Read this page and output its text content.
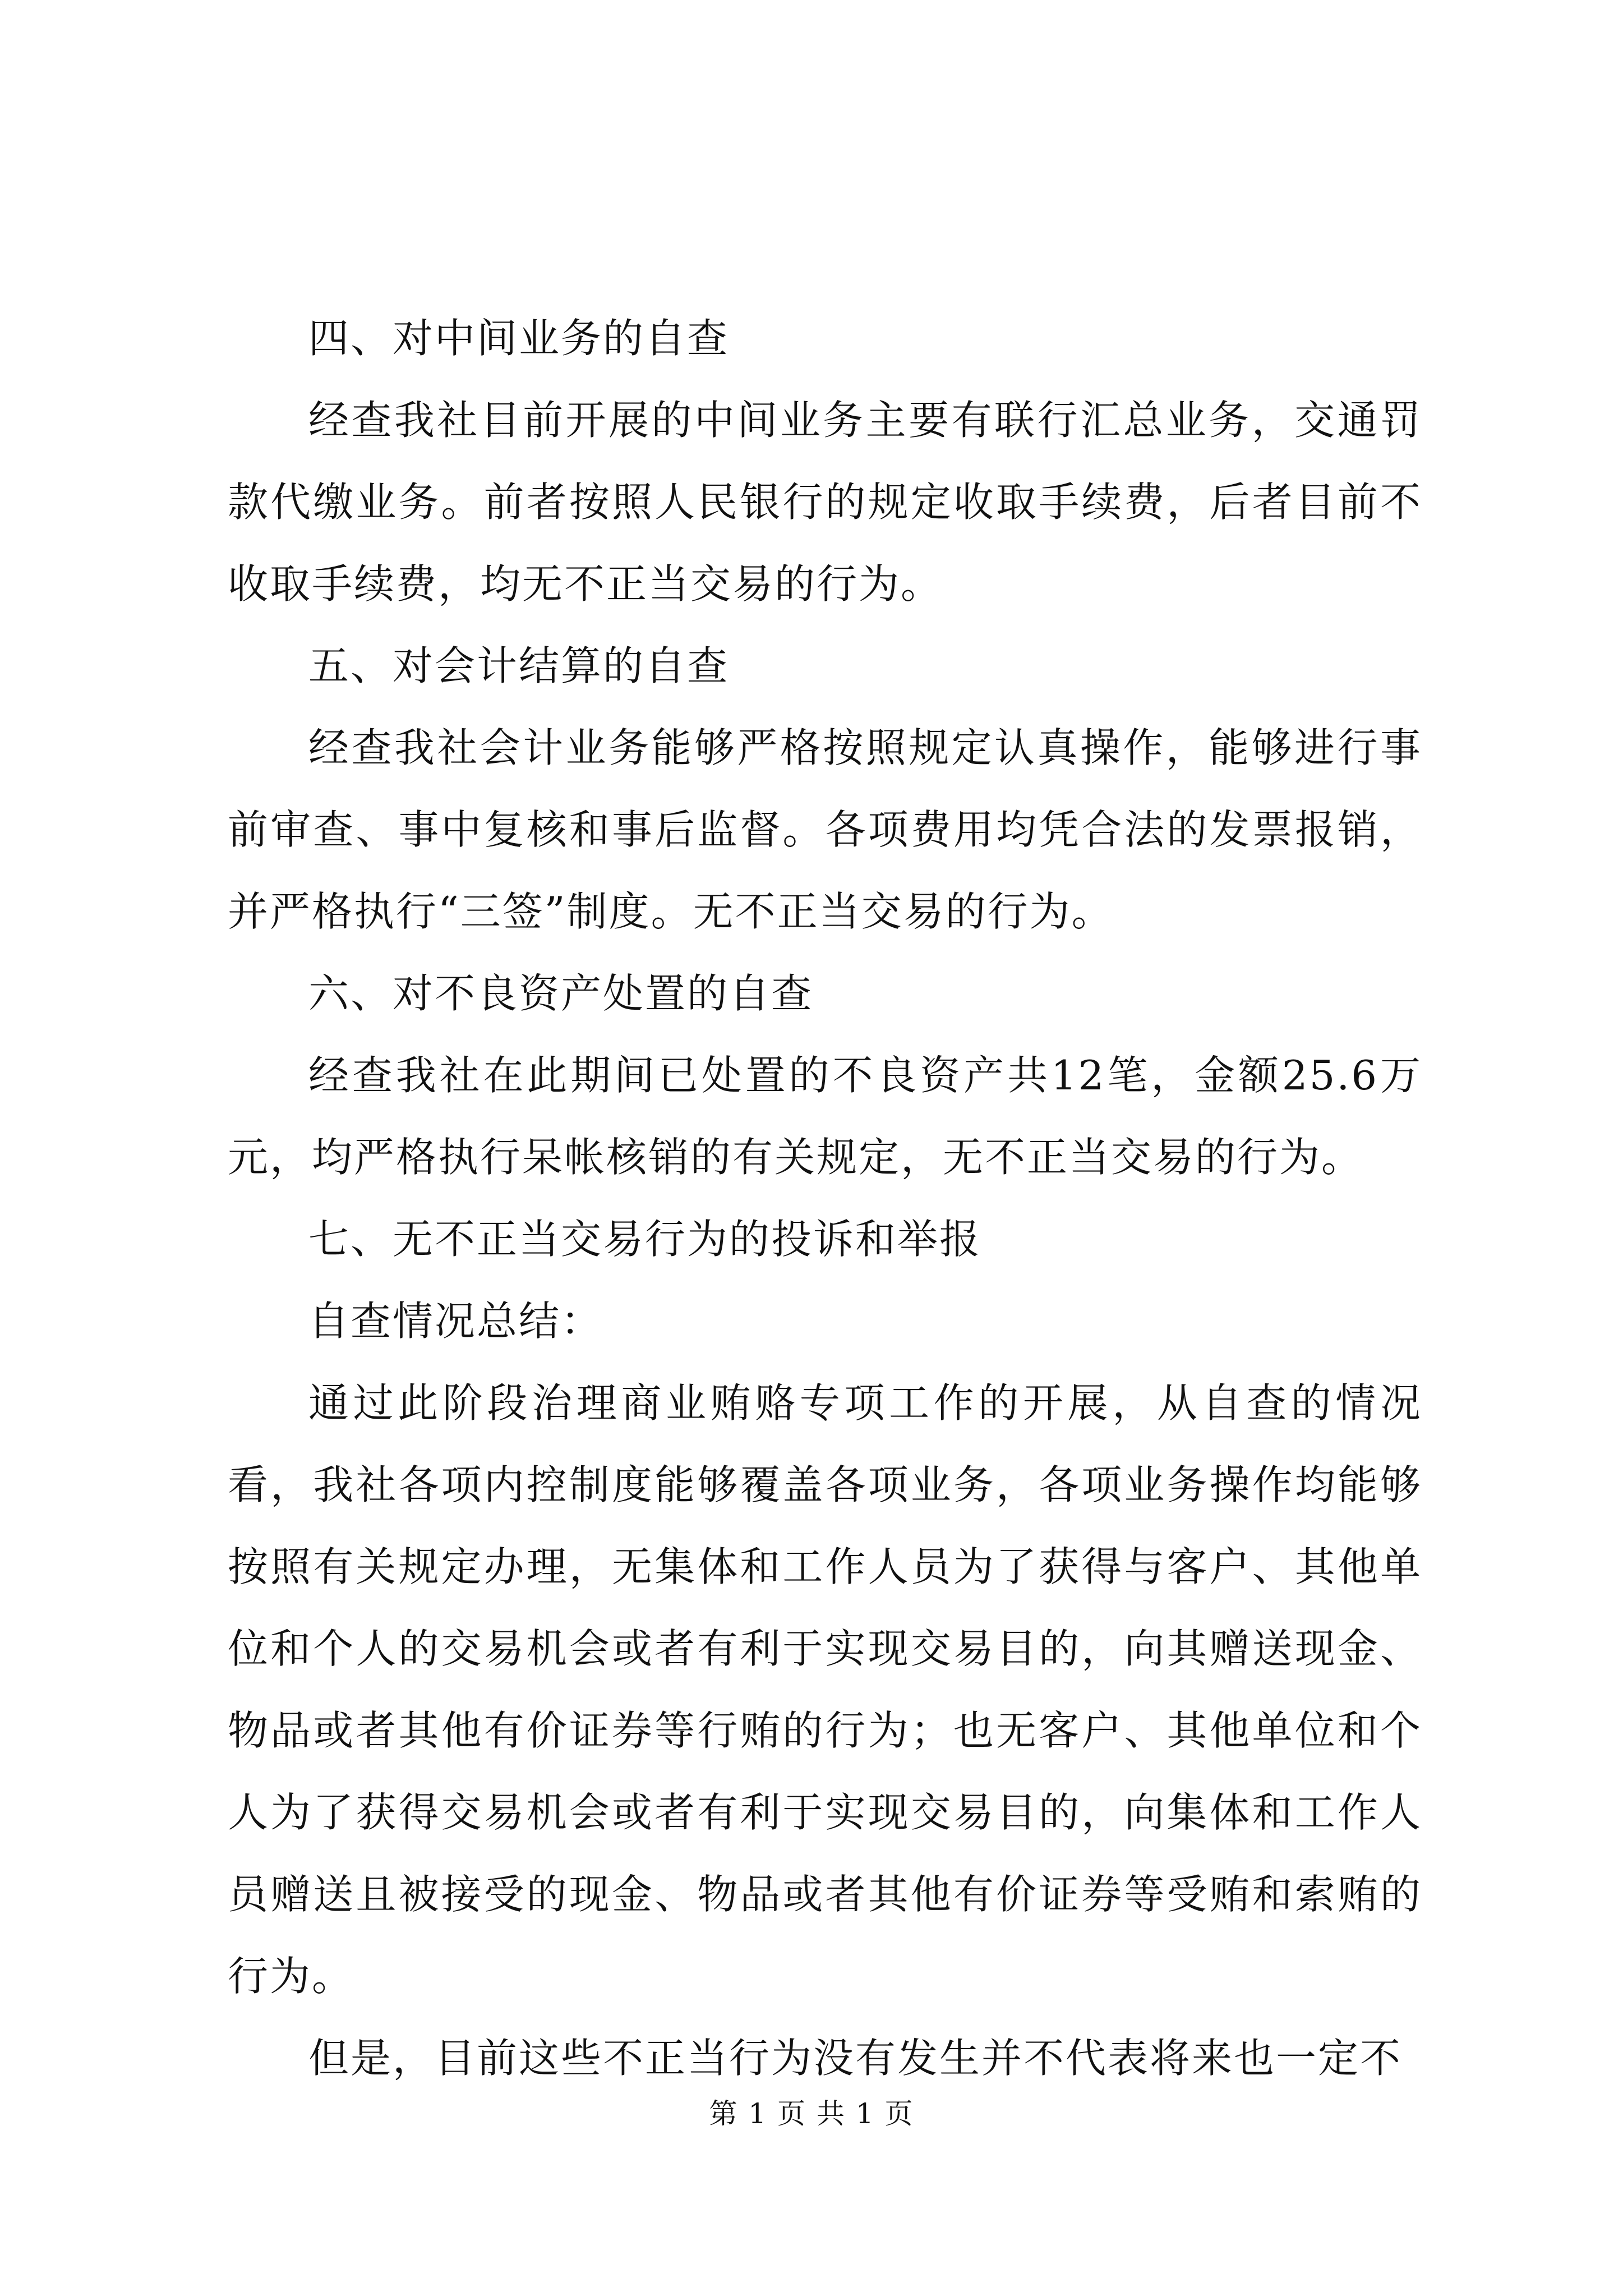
四、对中间业务的自查

经查我社目前开展的中间业务主要有联行汇总业务，交通罚款代缴业务。前者按照人民银行的规定收取手续费，后者目前不收取手续费，均无不正当交易的行为。

五、对会计结算的自查

经查我社会计业务能够严格按照规定认真操作，能够进行事前审查、事中复核和事后监督。各项费用均凭合法的发票报销，并严格执行“三签”制度。无不正当交易的行为。

六、对不良资产处置的自查

经查我社在此期间已处置的不良资产共12笔，金额25.6万元，均严格执行呆帐核销的有关规定，无不正当交易的行为。

七、无不正当交易行为的投诉和举报

自查情况总结：

通过此阶段治理商业贿赂专项工作的开展，从自查的情况看，我社各项内控制度能够覆盖各项业务，各项业务操作均能够按照有关规定办理，无集体和工作人员为了获得与客户、其他单位和个人的交易机会或者有利于实现交易目的，向其赠送现金、物品或者其他有价证券等行贿的行为；也无客户、其他单位和个人为了获得交易机会或者有利于实现交易目的，向集体和工作人员赠送且被接受的现金、物品或者其他有价证券等受贿和索贿的行为。

但是，目前这些不正当行为没有发生并不代表将来也一定不

第 1 页 共 1 页
